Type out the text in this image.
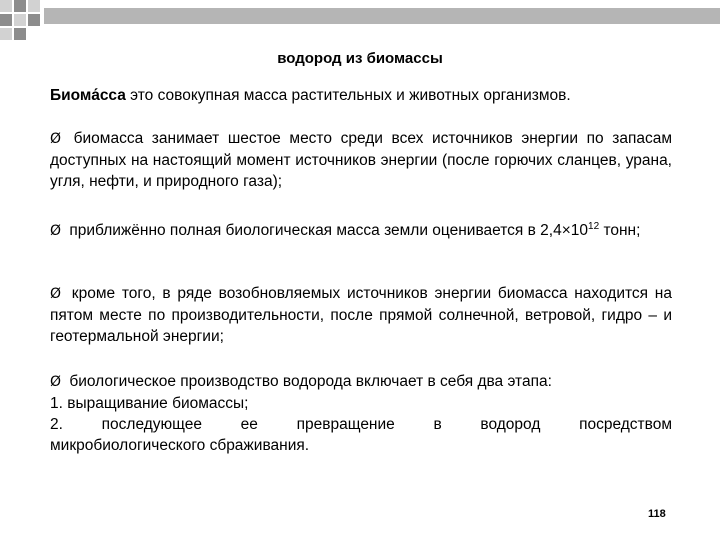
водород из биомассы
Биома́сса это совокупная масса растительных и животных организмов.
Ø биомасса занимает шестое место среди всех источников энергии по запасам доступных на настоящий момент источников энергии (после горючих сланцев, урана, угля, нефти, и природного газа);
Ø приближённо полная биологическая масса земли оценивается в $2,4\times 10^{12}$ тонн;
Ø кроме того, в ряде возобновляемых источников энергии биомасса находится на пятом месте по производительности, после прямой солнечной, ветровой, гидро – и геотермальной энергии;
Ø биологическое производство водорода включает в себя два этапа:
1. выращивание биомассы;
2. последующее ее превращение в водород посредством
микробиологического сбраживания.
118
